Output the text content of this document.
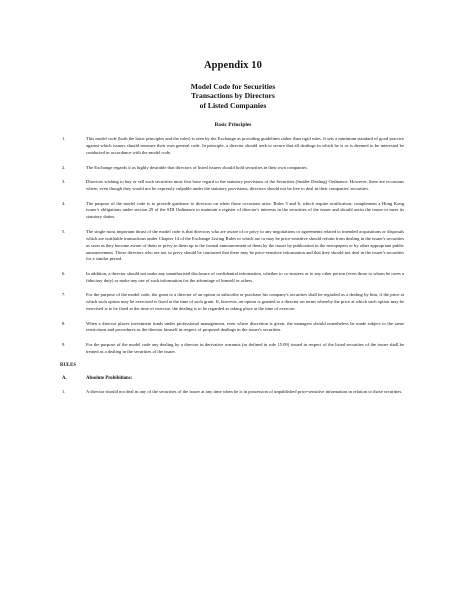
Appendix 10
Model Code for Securities
Transactions by Directors
of Listed Companies
Basic Principles
1.	This model code (both the basic principles and the rules) is seen by the Exchange as providing guidelines rather than rigid rules. It sets a minimum standard of good practice against which issuers should measure their own general code. In principle, a director should seek to secure that all dealings in which he is or is deemed to be interested be conducted in accordance with the model code.
2.	The Exchange regards it as highly desirable that directors of listed issuers should hold securities in their own companies.
3.	Directors wishing to buy or sell such securities must first have regard to the statutory provisions of the Securities (Insider Dealing) Ordinance. However, there are occasions where, even though they would not be expressly culpable under the statutory provisions, directors should not be free to deal in their companies' securities.
4.	The purpose of the model code is to provide guidance to directors on when those occasions arise. Rules 5 and 6, which require notification, complement a Hong Kong issuer's obligations under section 29 of the SDI Ordinance to maintain a register of director's interests in the securities of the issuer and should assist the issuer to meet its statutory duties.
5.	The single most important thrust of the model code is that directors who are aware of or privy to any negotiations or agreements related to intended acquisitions or disposals which are notifiable transactions under Chapter 14 of the Exchange Listing Rules or which are or may be price-sensitive should refrain from dealing in the issuer's securities as soon as they become aware of them or privy to them up to the formal announcement of them by the issuer by publication in the newspapers or by other appropriate public announcement. Those directors who are not so privy should be cautioned that there may be price-sensitive information and that they should not deal in the issuer's securities for a similar period.
6.	In addition, a director should not make any unauthorised disclosure of confidential information, whether to co-trustees or to any other person (even those to whom he owes a fiduciary duty) or make any use of such information for the advantage of himself or others.
7.	For the purpose of the model code, the grant to a director of an option to subscribe or purchase his company's securities shall be regarded as a dealing by him, if the price at which such option may be exercised is fixed at the time of such grant. If, however, an option is granted to a director on terms whereby the price at which such option may be exercised is to be fixed at the time of exercise, the dealing is to be regarded as taking place at the time of exercise.
8.	When a director places investment funds under professional management, even where discretion is given, the managers should nonetheless be made subject to the same restrictions and procedures as the director himself in respect of proposed dealings in the issuer's securities.
9.	For the purpose of the model code any dealing by a director in derivative warrants (as defined in rule 15.09) issued in respect of the listed securities of the issuer shall be treated as a dealing in the securities of the issuer.
RULES
A.	Absolute Prohibitions:
1.	A director should not deal in any of the securities of the issuer at any time when he is in possession of unpublished price-sensitive information in relation to those securities.
